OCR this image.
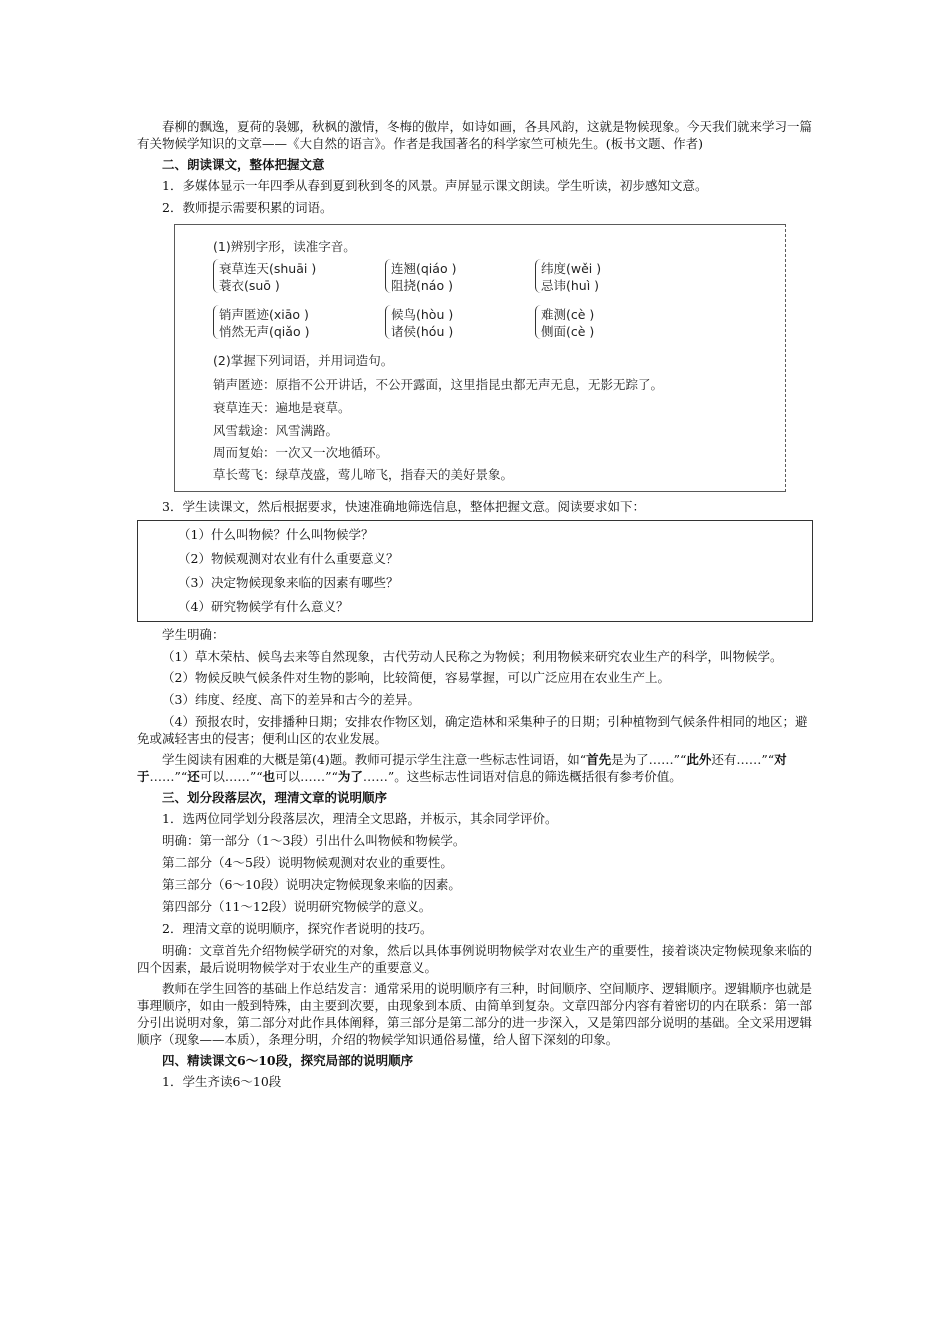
春柳的飘逸，夏荷的袅娜，秋枫的激情，冬梅的傲岸，如诗如画，各具风韵，这就是物候现象。今天我们就来学习一篇有关物候学知识的文章——《大自然的语言》。作者是我国著名的科学家竺可桢先生。(板书文题、作者)

二、朗读课文，整体把握文意

1．多媒体显示一年四季从春到夏到秋到冬的风景。声屏显示课文朗读。学生听读，初步感知文意。

2．教师提示需要积累的词语。

(1)辨别字形，读准字音。
衰草连天(shuāi )
蓑衣(suō )
连翘(qiáo )
阻挠(náo )
纬度(wěi )
忌讳(huì )
销声匿迹(xiāo )
悄然无声(qiǎo )
候鸟(hòu )
诸侯(hóu )
难测(cè )
侧面(cè )
(2)掌握下列词语，并用词造句。
销声匿迹：原指不公开讲话，不公开露面，这里指昆虫都无声无息，无影无踪了。
衰草连天：遍地是衰草。
风雪载途：风雪满路。
周而复始：一次又一次地循环。
草长莺飞：绿草茂盛，莺儿啼飞，指春天的美好景象。

3．学生读课文，然后根据要求，快速准确地筛选信息，整体把握文意。阅读要求如下：

（1）什么叫物候？什么叫物候学？

（2）物候观测对农业有什么重要意义？

（3）决定物候现象来临的因素有哪些？

（4）研究物候学有什么意义？

学生明确：

（1）草木荣枯、候鸟去来等自然现象，古代劳动人民称之为物候；利用物候来研究农业生产的科学，叫物候学。

（2）物候反映气候条件对生物的影响，比较简便，容易掌握，可以广泛应用在农业生产上。

（3）纬度、经度、高下的差异和古今的差异。

（4）预报农时，安排播种日期；安排农作物区划，确定造林和采集种子的日期；引种植物到气候条件相同的地区；避免或减轻害虫的侵害；便利山区的农业发展。

学生阅读有困难的大概是第(4)题。教师可提示学生注意一些标志性词语，如“首先是为了……”“此外还有……”“对于……”“还可以……”“也可以……”“为了……”。这些标志性词语对信息的筛选概括很有参考价值。

三、划分段落层次，理清文章的说明顺序

1．选两位同学划分段落层次，理清全文思路，并板示，其余同学评价。

明确：第一部分（1～3段）引出什么叫物候和物候学。

第二部分（4～5段）说明物候观测对农业的重要性。

第三部分（6～10段）说明决定物候现象来临的因素。

第四部分（11～12段）说明研究物候学的意义。

2．理清文章的说明顺序，探究作者说明的技巧。

明确：文章首先介绍物候学研究的对象，然后以具体事例说明物候学对农业生产的重要性，接着谈决定物候现象来临的四个因素，最后说明物候学对于农业生产的重要意义。

教师在学生回答的基础上作总结发言：通常采用的说明顺序有三种，时间顺序、空间顺序、逻辑顺序。逻辑顺序也就是事理顺序，如由一般到特殊，由主要到次要，由现象到本质、由简单到复杂。文章四部分内容有着密切的内在联系：第一部分引出说明对象，第二部分对此作具体阐释，第三部分是第二部分的进一步深入，又是第四部分说明的基础。全文采用逻辑顺序（现象——本质），条理分明，介绍的物候学知识通俗易懂，给人留下深刻的印象。

四、精读课文6～10段，探究局部的说明顺序

1．学生齐读6～10段
